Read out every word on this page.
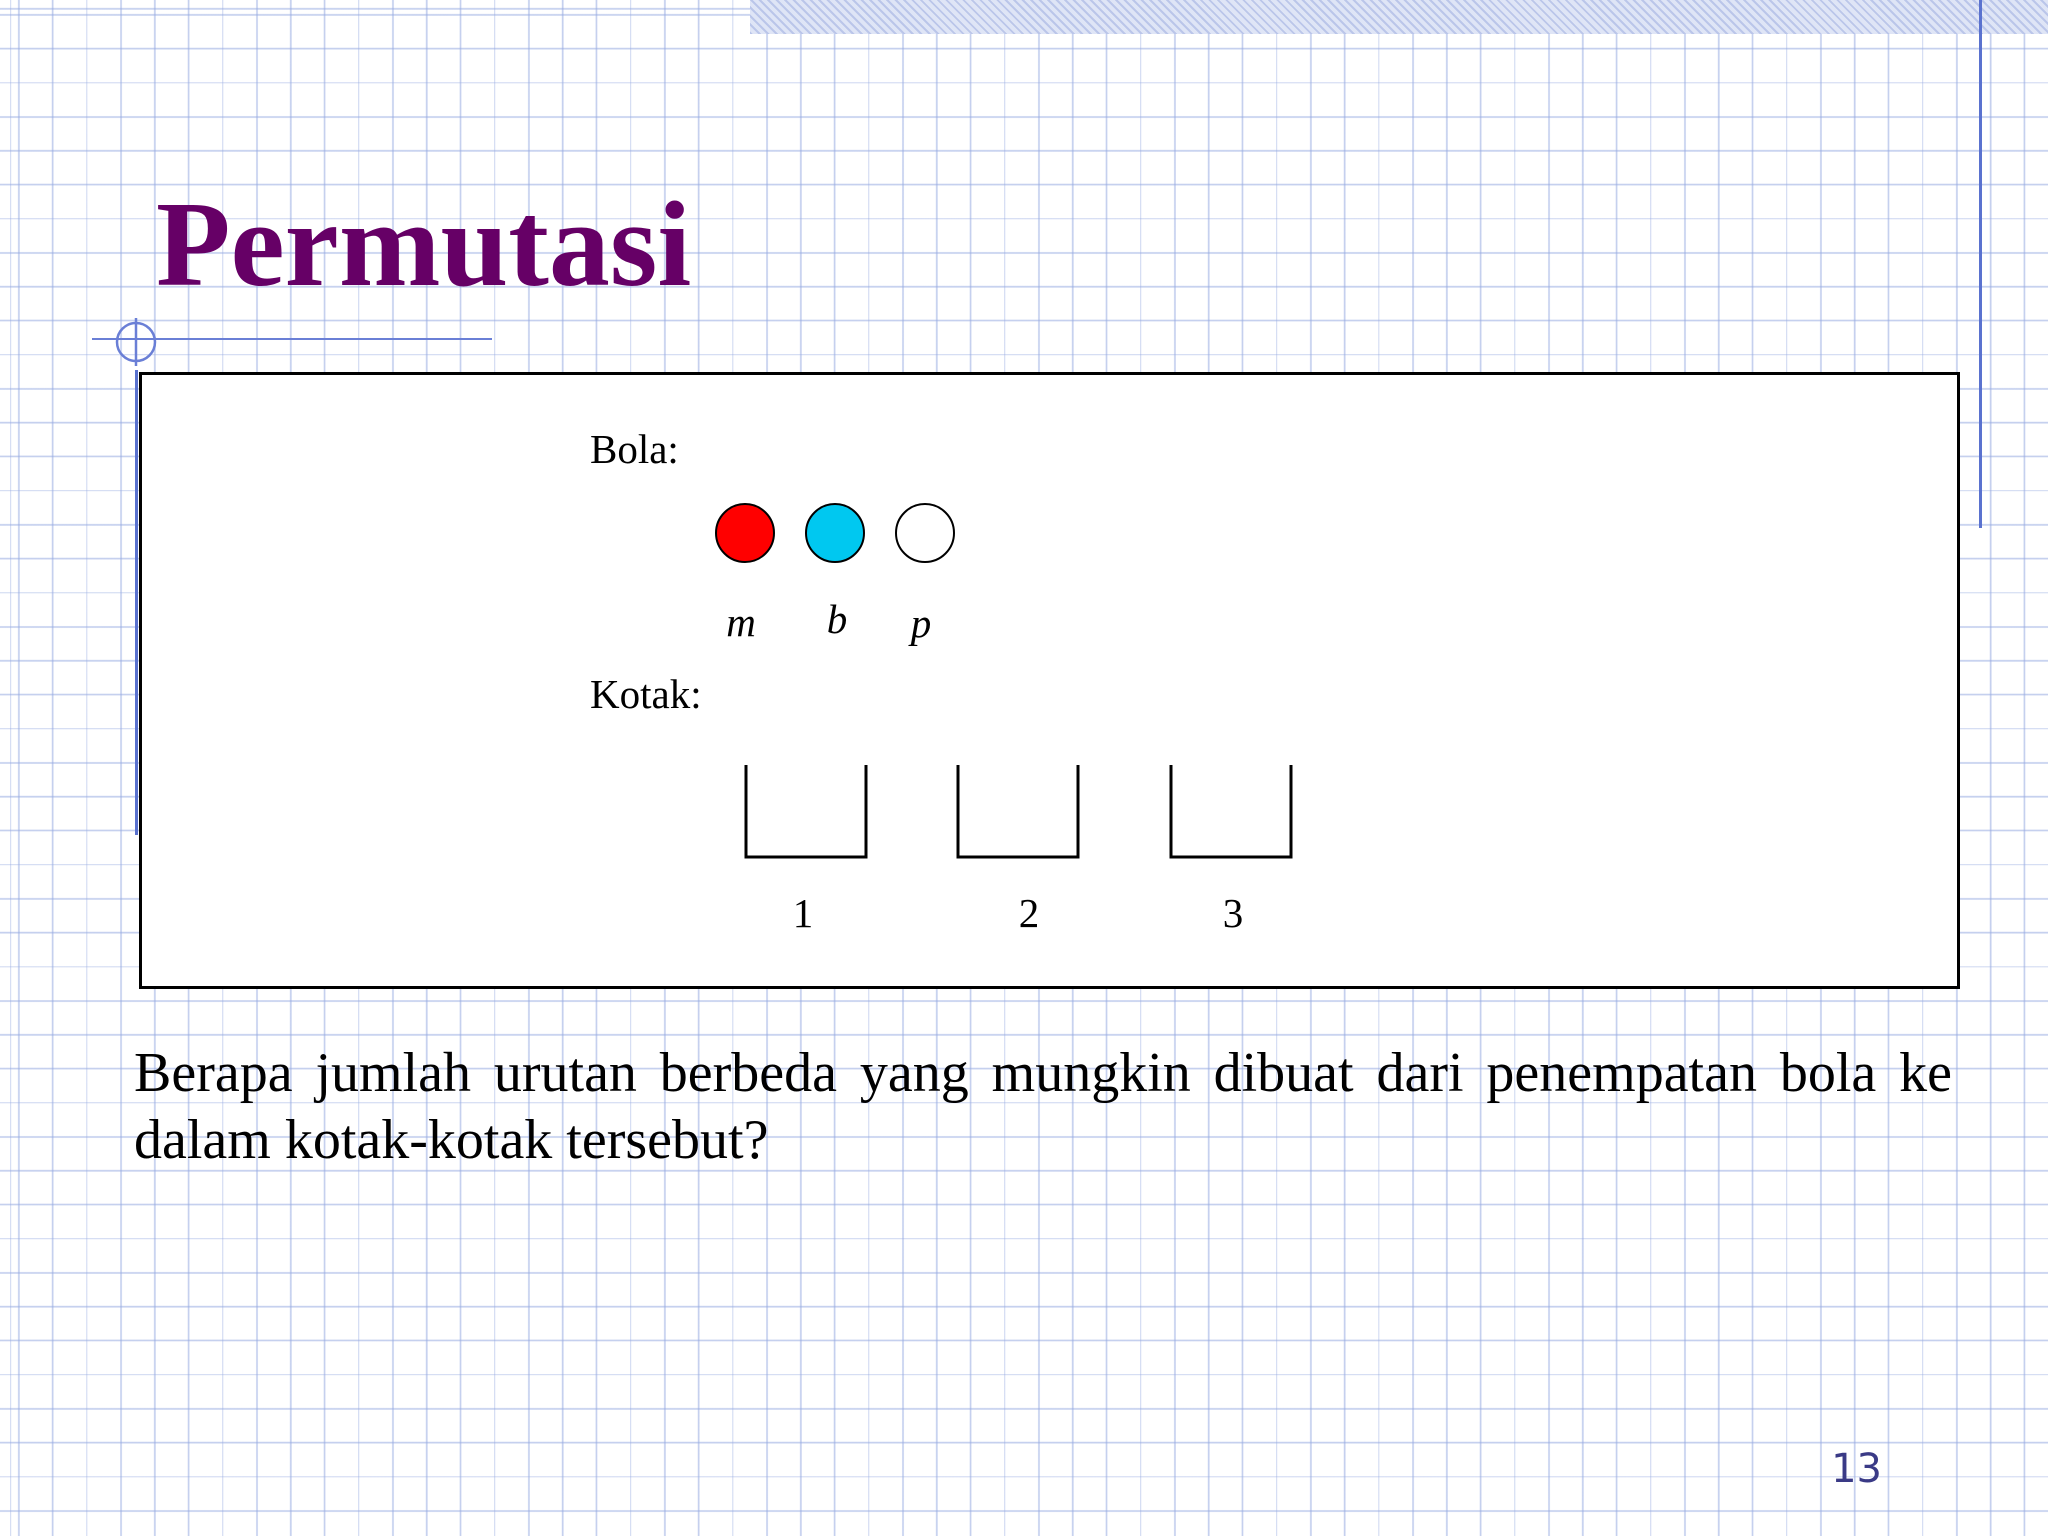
Permutasi

Bola:

m b p

Kotak:

1	2	3

Berapa jumlah urutan berbeda yang mungkin dibuat dari penempatan bola ke dalam kotak-kotak tersebut?

13
